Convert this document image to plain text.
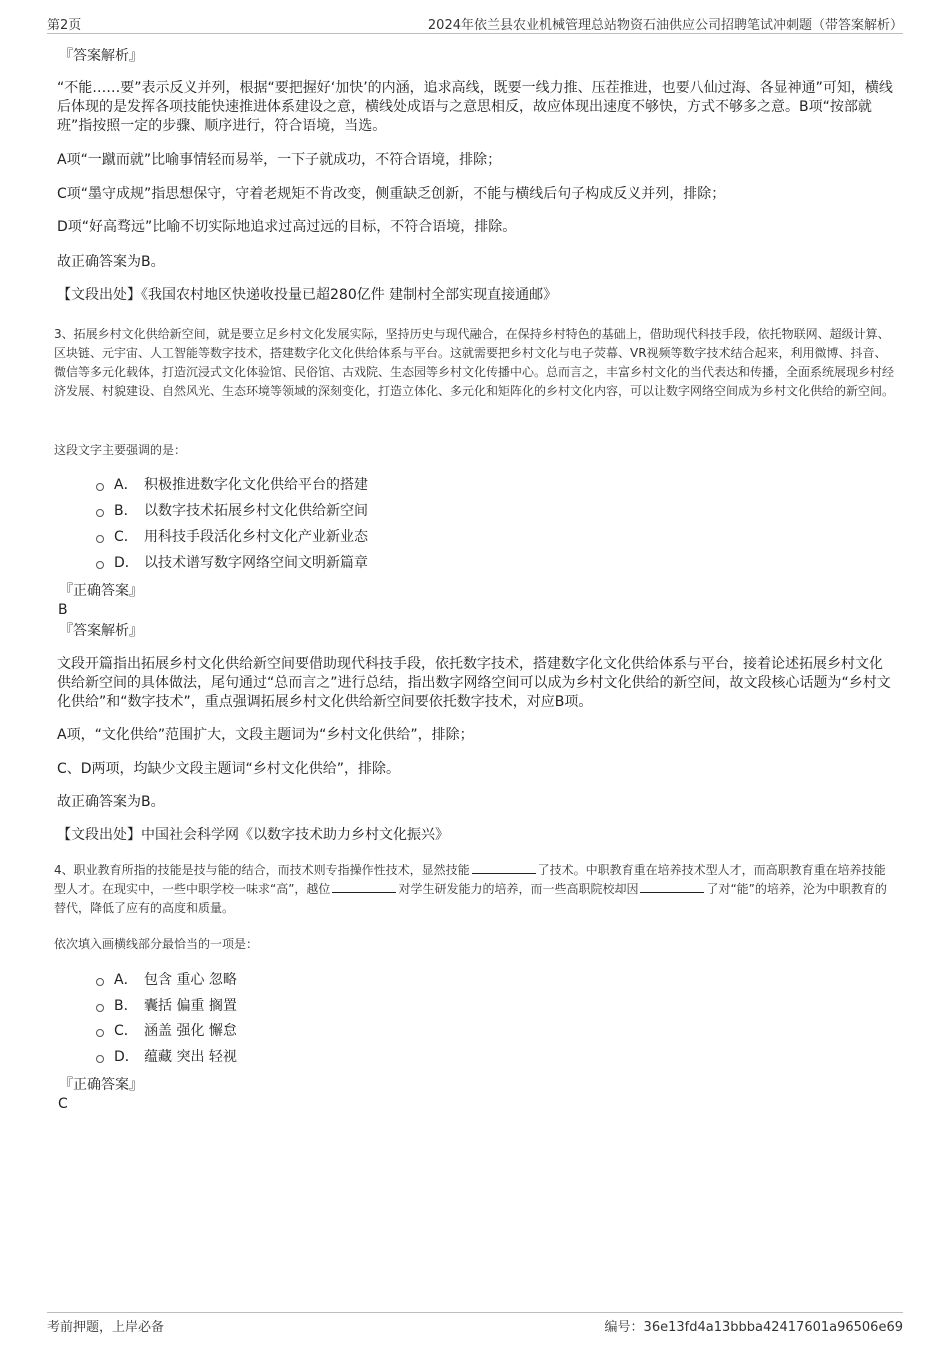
第2页	2024年依兰县农业机械管理总站物资石油供应公司招聘笔试冲刺题（带答案解析）
『答案解析』
“不能……要”表示反义并列，根据“要把握好‘加快’的内涵，追求高线，既要一线力推、压茬推进，也要八仙过海、各显神通”可知，横线后体现的是发挥各项技能快速推进体系建设之意，横线处成语与之意思相反，故应体现出速度不够快，方式不够多之意。B项“按部就班”指按照一定的步骤、顺序进行，符合语境，当选。
A项“一蹴而就”比喻事情轻而易举，一下子就成功，不符合语境，排除；
C项“墨守成规”指思想保守，守着老规矩不肯改变，侧重缺乏创新，不能与横线后句子构成反义并列，排除；
D项“好高骛远”比喻不切实际地追求过高过远的目标，不符合语境，排除。
故正确答案为B。
【文段出处】《我国农村地区快递收投量已超280亿件 建制村全部实现直接通邮》
3、拓展乡村文化供给新空间，就是要立足乡村文化发展实际，坚持历史与现代融合，在保持乡村特色的基础上，借助现代科技手段，依托物联网、超级计算、区块链、元宇宙、人工智能等数字技术，搭建数字化文化供给体系与平台。这就需要把乡村文化与电子荧幕、VR视频等数字技术结合起来，利用微博、抖音、微信等多元化载体，打造沉浸式文化体验馆、民俗馆、古戏院、生态园等乡村文化传播中心。总而言之，丰富乡村文化的当代表达和传播，全面系统展现乡村经济发展、村貌建设、自然风光、生态环境等领域的深刻变化，打造立体化、多元化和矩阵化的乡村文化内容，可以让数字网络空间成为乡村文化供给的新空间。
这段文字主要强调的是：
A． 积极推进数字化文化供给平台的搭建
B． 以数字技术拓展乡村文化供给新空间
C． 用科技手段活化乡村文化产业新业态
D． 以技术谱写数字网络空间文明新篇章
『正确答案』
B
『答案解析』
文段开篇指出拓展乡村文化供给新空间要借助现代科技手段，依托数字技术，搭建数字化文化供给体系与平台，接着论述拓展乡村文化供给新空间的具体做法，尾句通过“总而言之”进行总结，指出数字网络空间可以成为乡村文化供给的新空间，故文段核心话题为“乡村文化供给”和“数字技术”，重点强调拓展乡村文化供给新空间要依托数字技术，对应B项。
A项，“文化供给”范围扩大，文段主题词为“乡村文化供给”，排除；
C、D两项，均缺少文段主题词“乡村文化供给”，排除。
故正确答案为B。
【文段出处】中国社会科学网《以数字技术助力乡村文化振兴》
4、职业教育所指的技能是技与能的结合，而技术则专指操作性技术，显然技能	了技术。中职教育重在培养技术型人才，而高职教育重在培养技能型人才。在现实中，一些中职学校一味求“高”，越位	对学生研发能力的培养，而一些高职院校却因	了对“能”的培养，沦为中职教育的替代，降低了应有的高度和质量。
依次填入画横线部分最恰当的一项是：
A． 包含 重心 忽略
B． 囊括 偏重 搁置
C． 涵盖 强化 懈怠
D． 蕴藏 突出 轻视
『正确答案』
C
考前押题，上岸必备	编号：36e13fd4a13bbba42417601a96506e69
